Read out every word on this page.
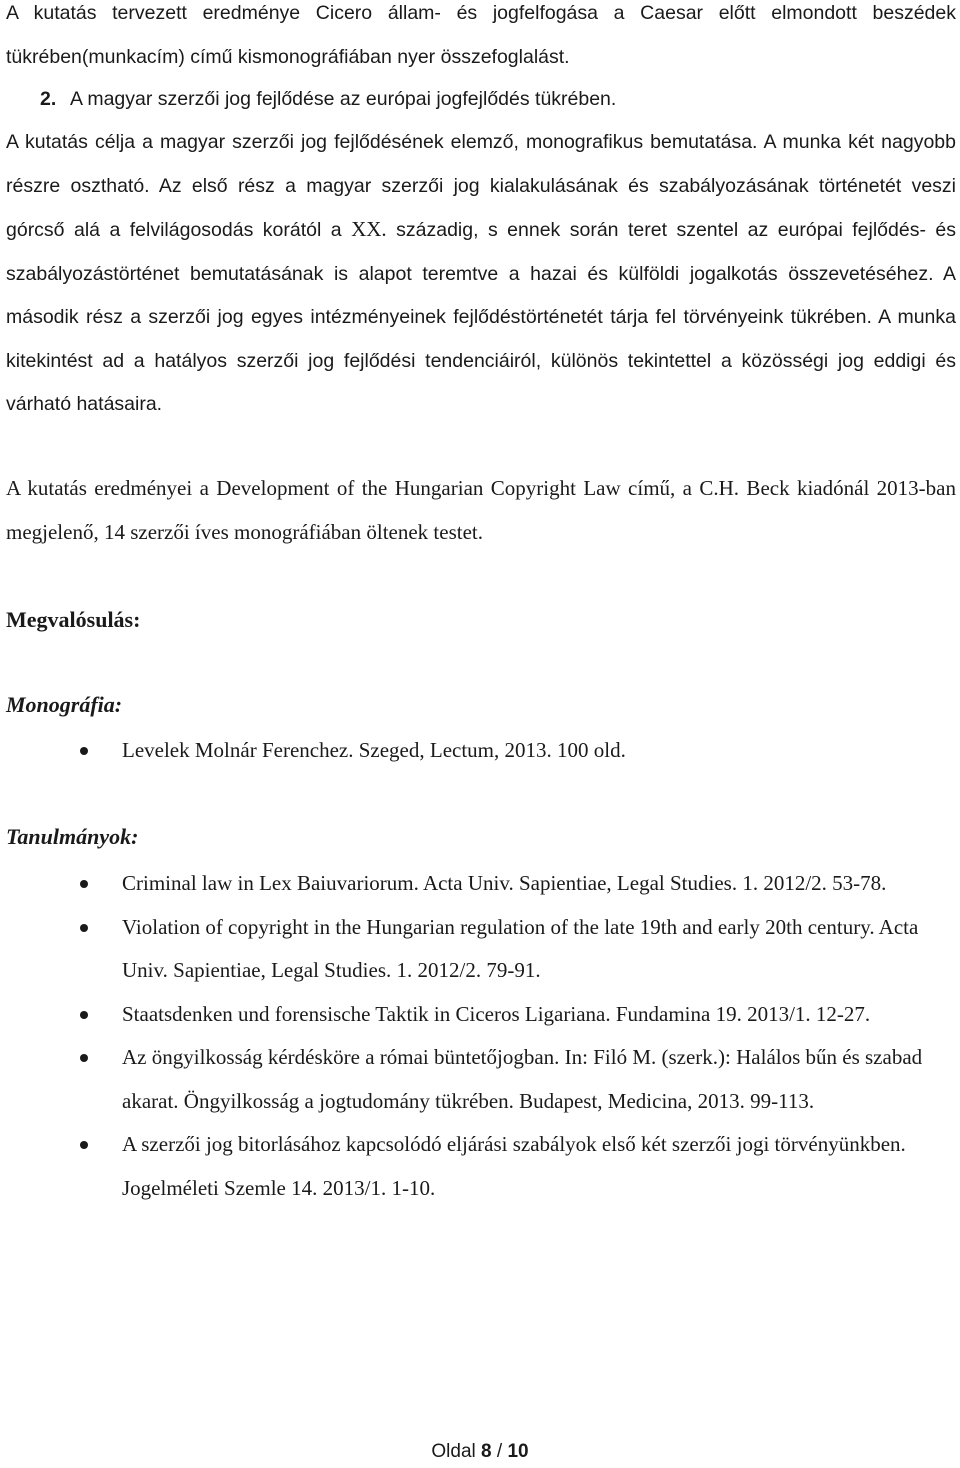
A kutatás tervezett eredménye Cicero állam- és jogfelfogása a Caesar előtt elmondott beszédek tükrében(munkacím) című kismonográfiában nyer összefoglalást.

2. A magyar szerzői jog fejlődése az európai jogfejlődés tükrében.

A kutatás célja a magyar szerzői jog fejlődésének elemző, monografikus bemutatása. A munka két nagyobb részre osztható. Az első rész a magyar szerzői jog kialakulásának és szabályozásának történetét veszi górcső alá a felvilágosodás korától a XX. századig, s ennek során teret szentel az európai fejlődés- és szabályozástörténet bemutatásának is alapot teremtve a hazai és külföldi jogalkotás összevetéséhez. A második rész a szerzői jog egyes intézményeinek fejlődéstörténetét tárja fel törvényeink tükrében. A munka kitekintést ad a hatályos szerzői jog fejlődési tendenciáiról, különös tekintettel a közösségi jog eddigi és várható hatásaira.

A kutatás eredményei a Development of the Hungarian Copyright Law című, a C.H. Beck kiadónál 2013-ban megjelenő, 14 szerzői íves monográfiában öltenek testet.

Megvalósulás:
Monográfia:
Levelek Molnár Ferenchez. Szeged, Lectum, 2013. 100 old.
Tanulmányok:
Criminal law in Lex Baiuvariorum. Acta Univ. Sapientiae, Legal Studies. 1. 2012/2. 53-78.
Violation of copyright in the Hungarian regulation of the late 19th and early 20th century. Acta Univ. Sapientiae, Legal Studies. 1. 2012/2. 79-91.
Staatsdenken und forensische Taktik in Ciceros Ligariana. Fundamina 19. 2013/1. 12-27.
Az öngyilkosság kérdésköre a római büntetőjogban. In: Filó M. (szerk.): Halálos bűn és szabad akarat. Öngyilkosság a jogtudomány tükrében. Budapest, Medicina, 2013. 99-113.
A szerzői jog bitorlásához kapcsolódó eljárási szabályok első két szerzői jogi törvényünkben. Jogelméleti Szemle 14. 2013/1. 1-10.
Oldal 8 / 10
